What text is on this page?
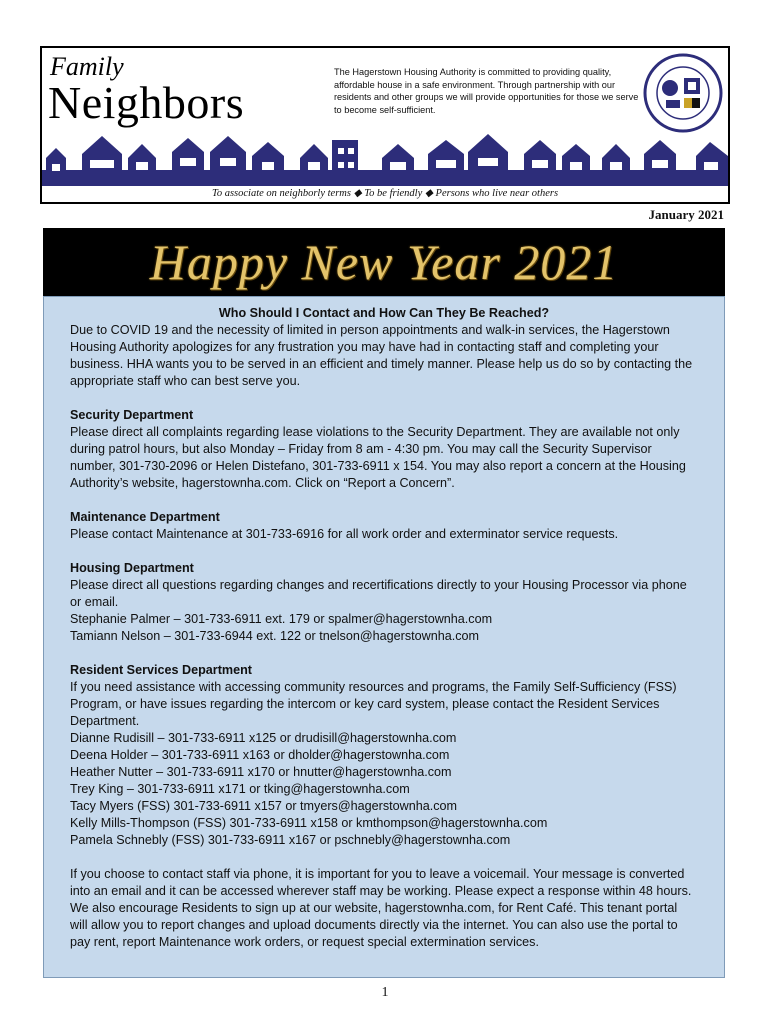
Family
Neighbors
The Hagerstown Housing Authority is committed to providing quality, affordable house in a safe environment. Through partnership with our residents and other groups we will provide opportunities for those we serve to become self-sufficient.
To associate on neighborly terms ◆ To be friendly ◆ Persons who live near others
January 2021
Happy New Year 2021

Who Should I Contact and How Can They Be Reached?

Due to COVID 19 and the necessity of limited in person appointments and walk-in services, the Hagerstown Housing Authority apologizes for any frustration you may have had in contacting staff and completing your business. HHA wants you to be served in an efficient and timely manner. Please help us do so by contacting the appropriate staff who can best serve you.

Security Department

Please direct all complaints regarding lease violations to the Security Department. They are available not only during patrol hours, but also Monday – Friday from 8 am - 4:30 pm. You may call the Security Supervisor number, 301-730-2096 or Helen Distefano, 301-733-6911 x 154. You may also report a concern at the Housing Authority’s website, hagerstownha.com. Click on “Report a Concern”.

Maintenance Department

Please contact Maintenance at 301-733-6916 for all work order and exterminator service requests.

Housing Department

Please direct all questions regarding changes and recertifications directly to your Housing Processor via phone or email.

Stephanie Palmer – 301-733-6911 ext. 179 or spalmer@hagerstownha.com

Tamiann Nelson – 301-733-6944 ext. 122 or tnelson@hagerstownha.com

Resident Services Department

If you need assistance with accessing community resources and programs, the Family Self-Sufficiency (FSS) Program, or have issues regarding the intercom or key card system, please contact the Resident Services Department.

Dianne Rudisill – 301-733-6911 x125 or drudisill@hagerstownha.com

Deena Holder – 301-733-6911 x163 or dholder@hagerstownha.com

Heather Nutter – 301-733-6911 x170 or hnutter@hagerstownha.com

Trey King – 301-733-6911 x171 or tking@hagerstownha.com

Tacy Myers (FSS) 301-733-6911 x157 or tmyers@hagerstownha.com

Kelly Mills-Thompson (FSS) 301-733-6911 x158 or kmthompson@hagerstownha.com

Pamela Schnebly (FSS) 301-733-6911 x167 or pschnebly@hagerstownha.com

If you choose to contact staff via phone, it is important for you to leave a voicemail. Your message is converted into an email and it can be accessed wherever staff may be working. Please expect a response within 48 hours.

We also encourage Residents to sign up at our website, hagerstownha.com, for Rent Café. This tenant portal will allow you to report changes and upload documents directly via the internet. You can also use the portal to pay rent, report Maintenance work orders, or request special extermination services.

1
